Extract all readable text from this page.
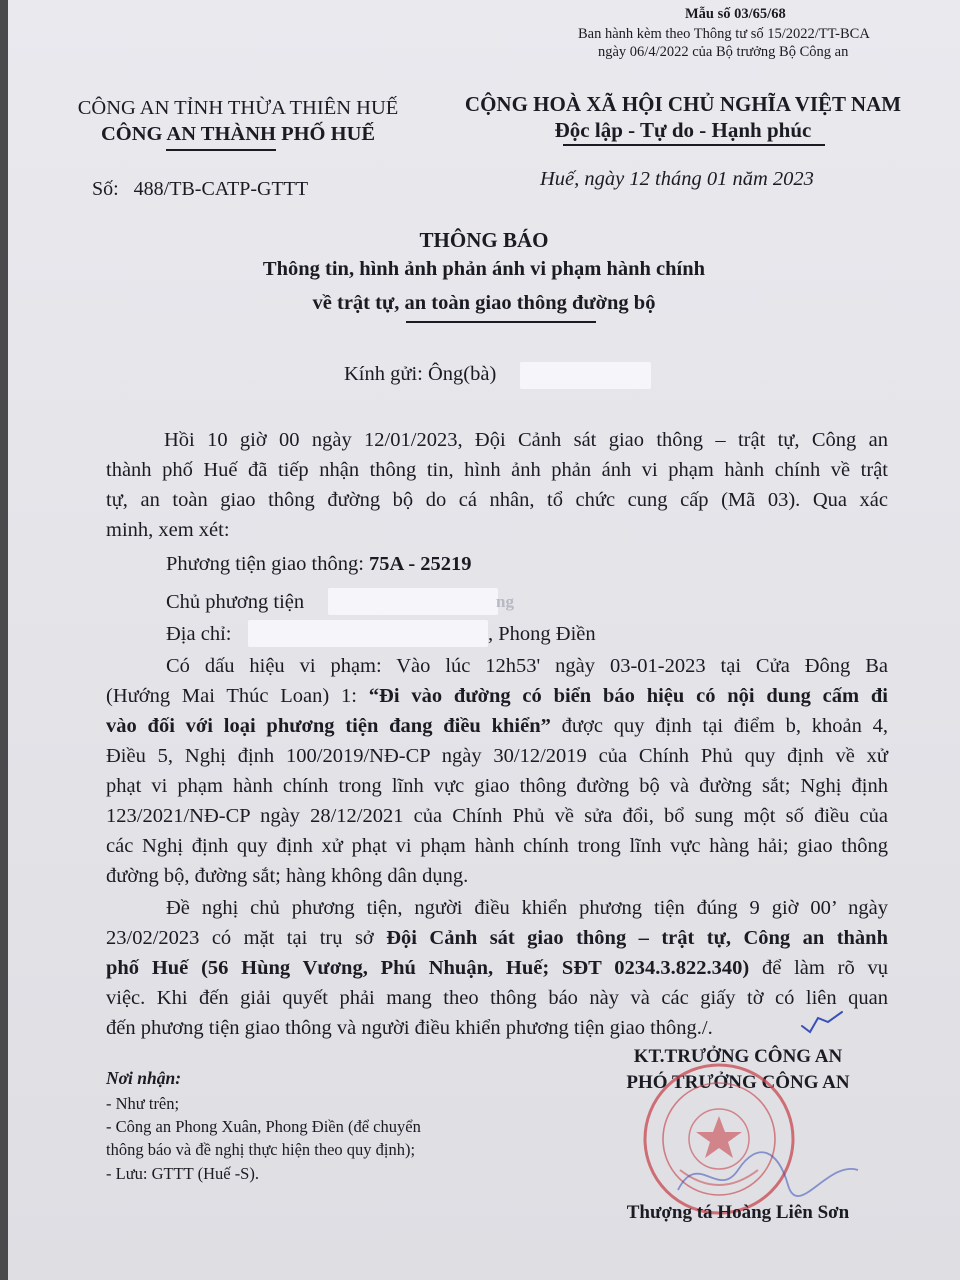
Mẫu số 03/65/68
Ban hành kèm theo Thông tư số 15/2022/TT-BCA
ngày 06/4/2022 của Bộ trưởng Bộ Công an
CÔNG AN TỈNH THỪA THIÊN HUẾ
CÔNG AN THÀNH PHỐ HUẾ
Số:   488/TB-CATP-GTTT
CỘNG HOÀ XÃ HỘI CHỦ NGHĨA VIỆT NAM
Độc lập - Tự do - Hạnh phúc
Huế, ngày 12 tháng 01 năm 2023
THÔNG BÁO
Thông tin, hình ảnh phản ánh vi phạm hành chính
về trật tự, an toàn giao thông đường bộ
Kính gửi: Ông(bà)
Hồi 10 giờ 00 ngày 12/01/2023, Đội Cảnh sát giao thông – trật tự, Công an
thành phố Huế đã tiếp nhận thông tin, hình ảnh phản ánh vi phạm hành chính về trật
tự, an toàn giao thông đường bộ do cá nhân, tổ chức cung cấp (Mã 03). Qua xác
minh, xem xét:
Phương tiện giao thông: 75A - 25219
Chủ phương tiện	ng
Địa chỉ:	, Phong Điền
Có dấu hiệu vi phạm: Vào lúc 12h53' ngày 03-01-2023 tại Cửa Đông Ba
(Hướng Mai Thúc Loan) 1: “Đi vào đường có biển báo hiệu có nội dung cấm đi
vào đối với loại phương tiện đang điều khiển” được quy định tại điểm b, khoản 4,
Điều 5, Nghị định 100/2019/NĐ-CP ngày 30/12/2019 của Chính Phủ quy định về xử
phạt vi phạm hành chính trong lĩnh vực giao thông đường bộ và đường sắt; Nghị định
123/2021/NĐ-CP ngày 28/12/2021 của Chính Phủ về sửa đổi, bổ sung một số điều của
các Nghị định quy định xử phạt vi phạm hành chính trong lĩnh vực hàng hải; giao thông
đường bộ, đường sắt; hàng không dân dụng.
Đề nghị chủ phương tiện, người điều khiển phương tiện đúng 9 giờ 00’ ngày
23/02/2023 có mặt tại trụ sở Đội Cảnh sát giao thông – trật tự, Công an thành
phố Huế (56 Hùng Vương, Phú Nhuận, Huế; SĐT 0234.3.822.340) để làm rõ vụ
việc. Khi đến giải quyết phải mang theo thông báo này và các giấy tờ có liên quan
đến phương tiện giao thông và người điều khiển phương tiện giao thông./.
Nơi nhận:
- Như trên;
- Công an Phong Xuân, Phong Điền (để chuyển
thông báo và đề nghị thực hiện theo quy định);
- Lưu: GTTT (Huế -S).
KT.TRƯỞNG CÔNG AN
PHÓ TRƯỞNG CÔNG AN
Thượng tá Hoàng Liên Sơn
